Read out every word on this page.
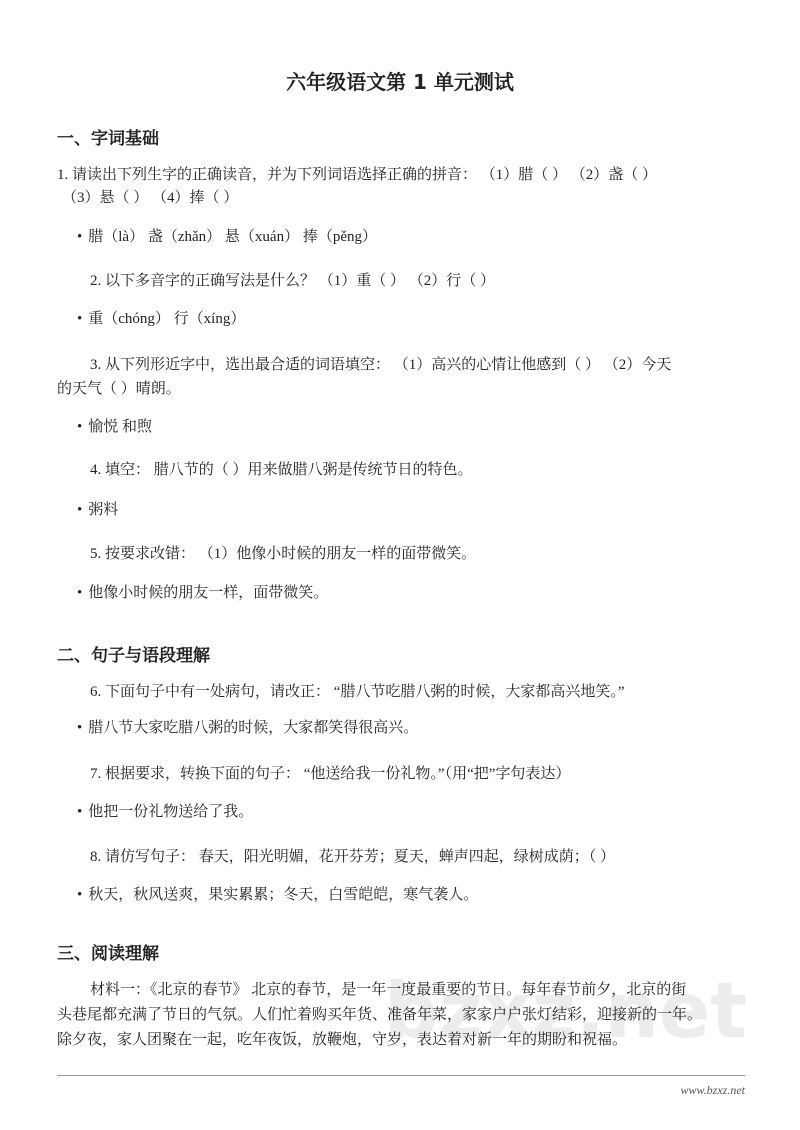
六年级语文第 1 单元测试
一、字词基础
1. 请读出下列生字的正确读音，并为下列词语选择正确的拼音： （1）腊（ ） （2）盏（ ）
（3）悬（ ） （4）捧（ ）
• 腊（là） 盏（zhǎn） 悬（xuán） 捧（pěng）
2. 以下多音字的正确写法是什么？ （1）重（ ） （2）行（ ）
• 重（chóng） 行（xíng）
3. 从下列形近字中，选出最合适的词语填空： （1）高兴的心情让他感到（ ） （2）今天
的天气（ ）晴朗。
• 愉悦 和煦
4. 填空： 腊八节的（ ）用来做腊八粥是传统节日的特色。
• 粥料
5. 按要求改错： （1）他像小时候的朋友一样的面带微笑。
• 他像小时候的朋友一样，面带微笑。
二、句子与语段理解
6. 下面句子中有一处病句，请改正： “腊八节吃腊八粥的时候，大家都高兴地笑。”
• 腊八节大家吃腊八粥的时候，大家都笑得很高兴。
7. 根据要求，转换下面的句子： “他送给我一份礼物。”（用“把”字句表达）
• 他把一份礼物送给了我。
8. 请仿写句子： 春天，阳光明媚，花开芬芳；夏天，蝉声四起，绿树成荫；（ ）
• 秋天，秋风送爽，果实累累；冬天，白雪皑皑，寒气袭人。
三、阅读理解
材料一：《北京的春节》 北京的春节，是一年一度最重要的节日。每年春节前夕，北京的街
头巷尾都充满了节日的气氛。人们忙着购买年货、准备年菜，家家户户张灯结彩，迎接新的一年。
除夕夜，家人团聚在一起，吃年夜饭，放鞭炮，守岁，表达着对新一年的期盼和祝福。
www.bzxz.net
